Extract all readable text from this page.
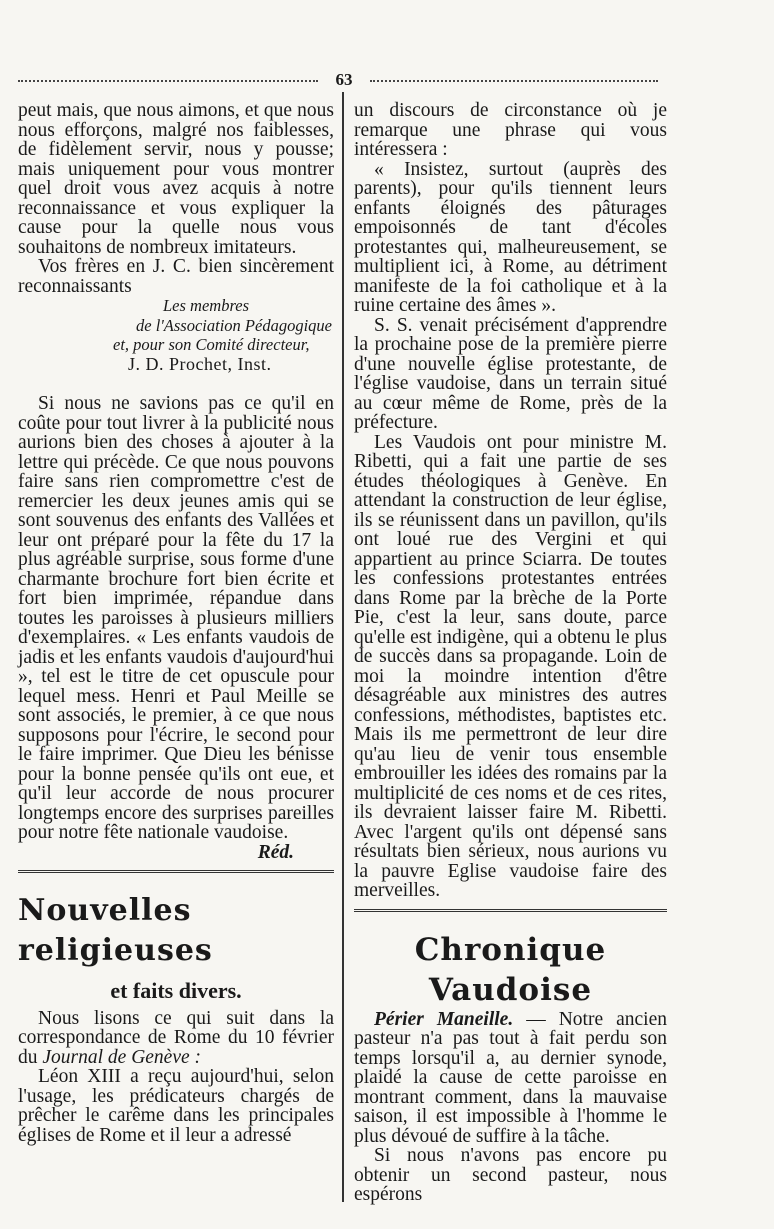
63

peut mais, que nous aimons, et que nous nous efforçons, malgré nos faiblesses, de fidèlement servir, nous y pousse; mais uniquement pour vous montrer quel droit vous avez acquis à notre reconnaissance et vous expliquer la cause pour la quelle nous vous souhaitons de nombreux imitateurs.

Vos frères en J. C. bien sincèrement reconnaissants

Les membres

de l'Association Pédagogique

et, pour son Comité directeur,

J. D. Prochet, Inst.

Si nous ne savions pas ce qu'il en coûte pour tout livrer à la publicité nous aurions bien des choses à ajouter à la lettre qui précède. Ce que nous pouvons faire sans rien compromettre c'est de remercier les deux jeunes amis qui se sont souvenus des enfants des Vallées et leur ont préparé pour la fête du 17 la plus agréable surprise, sous forme d'une charmante brochure fort bien écrite et fort bien imprimée, répandue dans toutes les paroisses à plusieurs milliers d'exemplaires. « Les enfants vaudois de jadis et les enfants vaudois d'aujourd'hui », tel est le titre de cet opuscule pour lequel mess. Henri et Paul Meille se sont associés, le premier, à ce que nous supposons pour l'écrire, le second pour le faire imprimer. Que Dieu les bénisse pour la bonne pensée qu'ils ont eue, et qu'il leur accorde de nous procurer longtemps encore des surprises pareilles pour notre fête nationale vaudoise.

Réd.

Nouvelles religieuses
et faits divers.

Nous lisons ce qui suit dans la correspondance de Rome du 10 février du Journal de Genève :

Léon XIII a reçu aujourd'hui, selon l'usage, les prédicateurs chargés de prêcher le carême dans les principales églises de Rome et il leur a adressé

un discours de circonstance où je remarque une phrase qui vous intéressera :

« Insistez, surtout (auprès des parents), pour qu'ils tiennent leurs enfants éloignés des pâturages empoisonnés de tant d'écoles protestantes qui, malheureusement, se multiplient ici, à Rome, au détriment manifeste de la foi catholique et à la ruine certaine des âmes ».

S. S. venait précisément d'apprendre la prochaine pose de la première pierre d'une nouvelle église protestante, de l'église vaudoise, dans un terrain situé au cœur même de Rome, près de la préfecture.

Les Vaudois ont pour ministre M. Ribetti, qui a fait une partie de ses études théologiques à Genève. En attendant la construction de leur église, ils se réunissent dans un pavillon, qu'ils ont loué rue des Vergini et qui appartient au prince Sciarra. De toutes les confessions protestantes entrées dans Rome par la brèche de la Porte Pie, c'est la leur, sans doute, parce qu'elle est indigène, qui a obtenu le plus de succès dans sa propagande. Loin de moi la moindre intention d'être désagréable aux ministres des autres confessions, méthodistes, baptistes etc. Mais ils me permettront de leur dire qu'au lieu de venir tous ensemble embrouiller les idées des romains par la multiplicité de ces noms et de ces rites, ils devraient laisser faire M. Ribetti. Avec l'argent qu'ils ont dépensé sans résultats bien sérieux, nous aurions vu la pauvre Eglise vaudoise faire des merveilles.

Chronique Vaudoise

Périer Maneille. — Notre ancien pasteur n'a pas tout à fait perdu son temps lorsqu'il a, au dernier synode, plaidé la cause de cette paroisse en montrant comment, dans la mauvaise saison, il est impossible à l'homme le plus dévoué de suffire à la tâche.

Si nous n'avons pas encore pu obtenir un second pasteur, nous espérons
